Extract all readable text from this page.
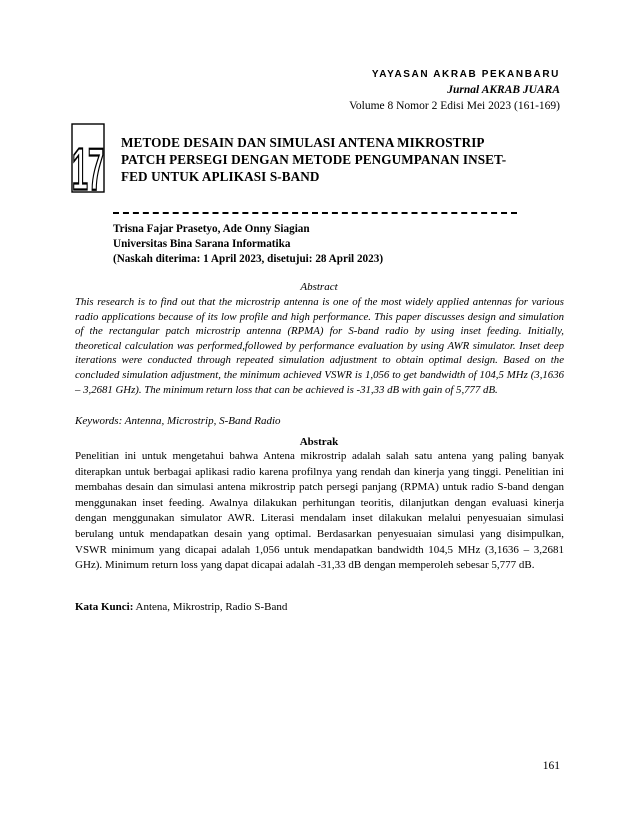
YAYASAN AKRAB PEKANBARU
Jurnal AKRAB JUARA
Volume 8 Nomor 2 Edisi Mei 2023 (161-169)
17 METODE DESAIN DAN SIMULASI ANTENA MIKROSTRIP
PATCH PERSEGI DENGAN METODE PENGUMPANAN INSET-
FED UNTUK APLIKASI S-BAND
Trisna Fajar Prasetyo, Ade Onny Siagian
Universitas Bina Sarana Informatika
(Naskah diterima: 1 April 2023, disetujui: 28 April 2023)
Abstract

This research is to find out that the microstrip antenna is one of the most widely applied antennas for various radio applications because of its low profile and high performance. This paper discusses design and simulation of the rectangular patch microstrip antenna (RPMA) for S-band radio by using inset feeding. Initially, theoretical calculation was performed,followed by performance evaluation by using AWR simulator. Inset deep iterations were conducted through repeated simulation adjustment to obtain optimal design. Based on the concluded simulation adjustment, the minimum achieved VSWR is 1,056 to get bandwidth of 104,5 MHz (3,1636 – 3,2681 GHz). The minimum return loss that can be achieved is -31,33 dB with gain of 5,777 dB.

Keywords: Antenna, Microstrip, S-Band Radio
Abstrak

Penelitian ini untuk mengetahui bahwa Antena mikrostrip adalah salah satu antena yang paling banyak diterapkan untuk berbagai aplikasi radio karena profilnya yang rendah dan kinerja yang tinggi. Penelitian ini membahas desain dan simulasi antena mikrostrip patch persegi panjang (RPMA) untuk radio S-band dengan menggunakan inset feeding. Awalnya dilakukan perhitungan teoritis, dilanjutkan dengan evaluasi kinerja dengan menggunakan simulator AWR. Literasi mendalam inset dilakukan melalui penyesuaian simulasi berulang untuk mendapatkan desain yang optimal. Berdasarkan penyesuaian simulasi yang disimpulkan, VSWR minimum yang dicapai adalah 1,056 untuk mendapatkan bandwidth 104,5 MHz (3,1636 – 3,2681 GHz). Minimum return loss yang dapat dicapai adalah -31,33 dB dengan memperoleh sebesar 5,777 dB.

Kata Kunci: Antena, Mikrostrip, Radio S-Band
161
